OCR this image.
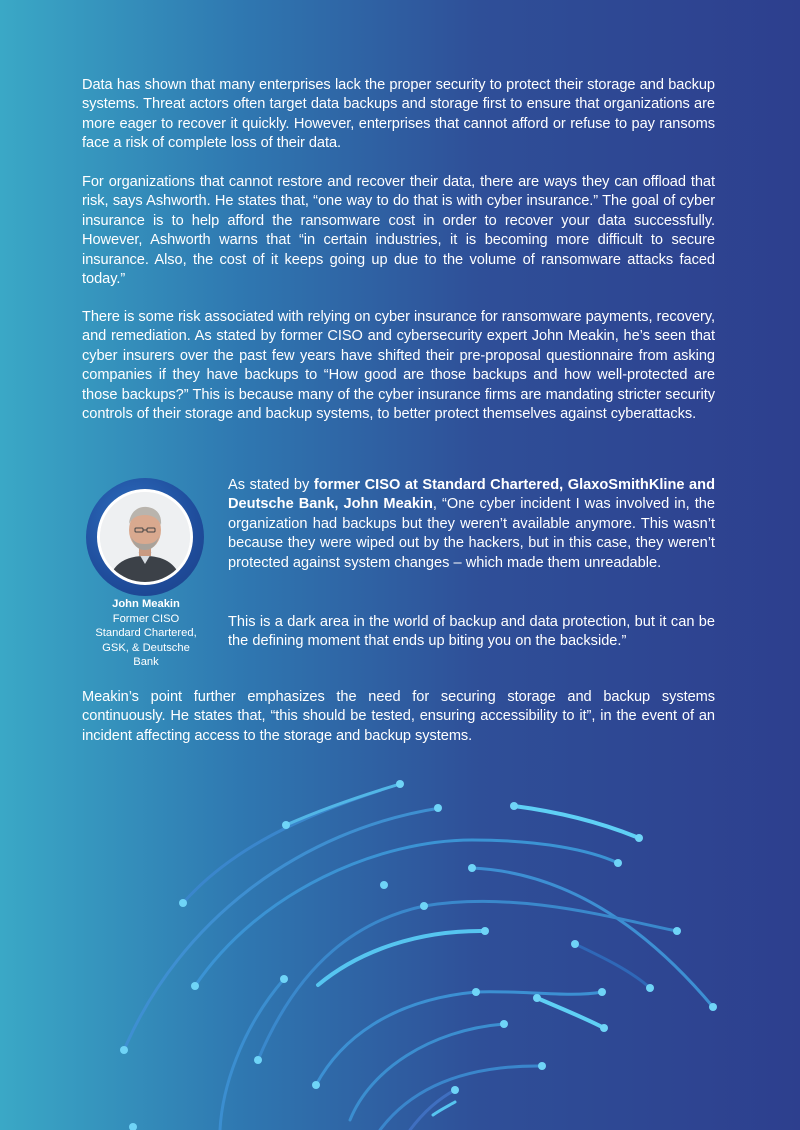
Data has shown that many enterprises lack the proper security to protect their storage and backup systems. Threat actors often target data backups and storage first to ensure that organizations are more eager to recover it quickly. However, enterprises that cannot afford or refuse to pay ransoms face a risk of complete loss of their data.

For organizations that cannot restore and recover their data, there are ways they can offload that risk, says Ashworth. He states that, “one way to do that is with cyber insurance.” The goal of cyber insurance is to help afford the ransomware cost in order to recover your data successfully. However, Ashworth warns that “in certain industries, it is becoming more difficult to secure insurance. Also, the cost of it keeps going up due to the volume of ransomware attacks faced today.”

There is some risk associated with relying on cyber insurance for ransomware payments, recovery, and remediation. As stated by former CISO and cybersecurity expert John Meakin, he’s seen that cyber insurers over the past few years have shifted their pre-proposal questionnaire from asking companies if they have backups to “How good are those backups and how well-protected are those backups?” This is because many of the cyber insurance firms are mandating stricter security controls of their storage and backup systems, to better protect themselves against cyberattacks.

John Meakin
Former CISO
Standard Chartered,
GSK, & Deutsche
Bank

As stated by former CISO at Standard Chartered, GlaxoSmithKline and Deutsche Bank, John Meakin, “One cyber incident I was involved in, the organization had backups but they weren’t available anymore. This wasn’t because they were wiped out by the hackers, but in this case, they weren’t protected against system changes – which made them unreadable.

This is a dark area in the world of backup and data protection, but it can be the defining moment that ends up biting you on the backside.”

Meakin’s point further emphasizes the need for securing storage and backup systems continuously. He states that, “this should be tested, ensuring accessibility to it”, in the event of an incident affecting access to the storage and backup systems.
